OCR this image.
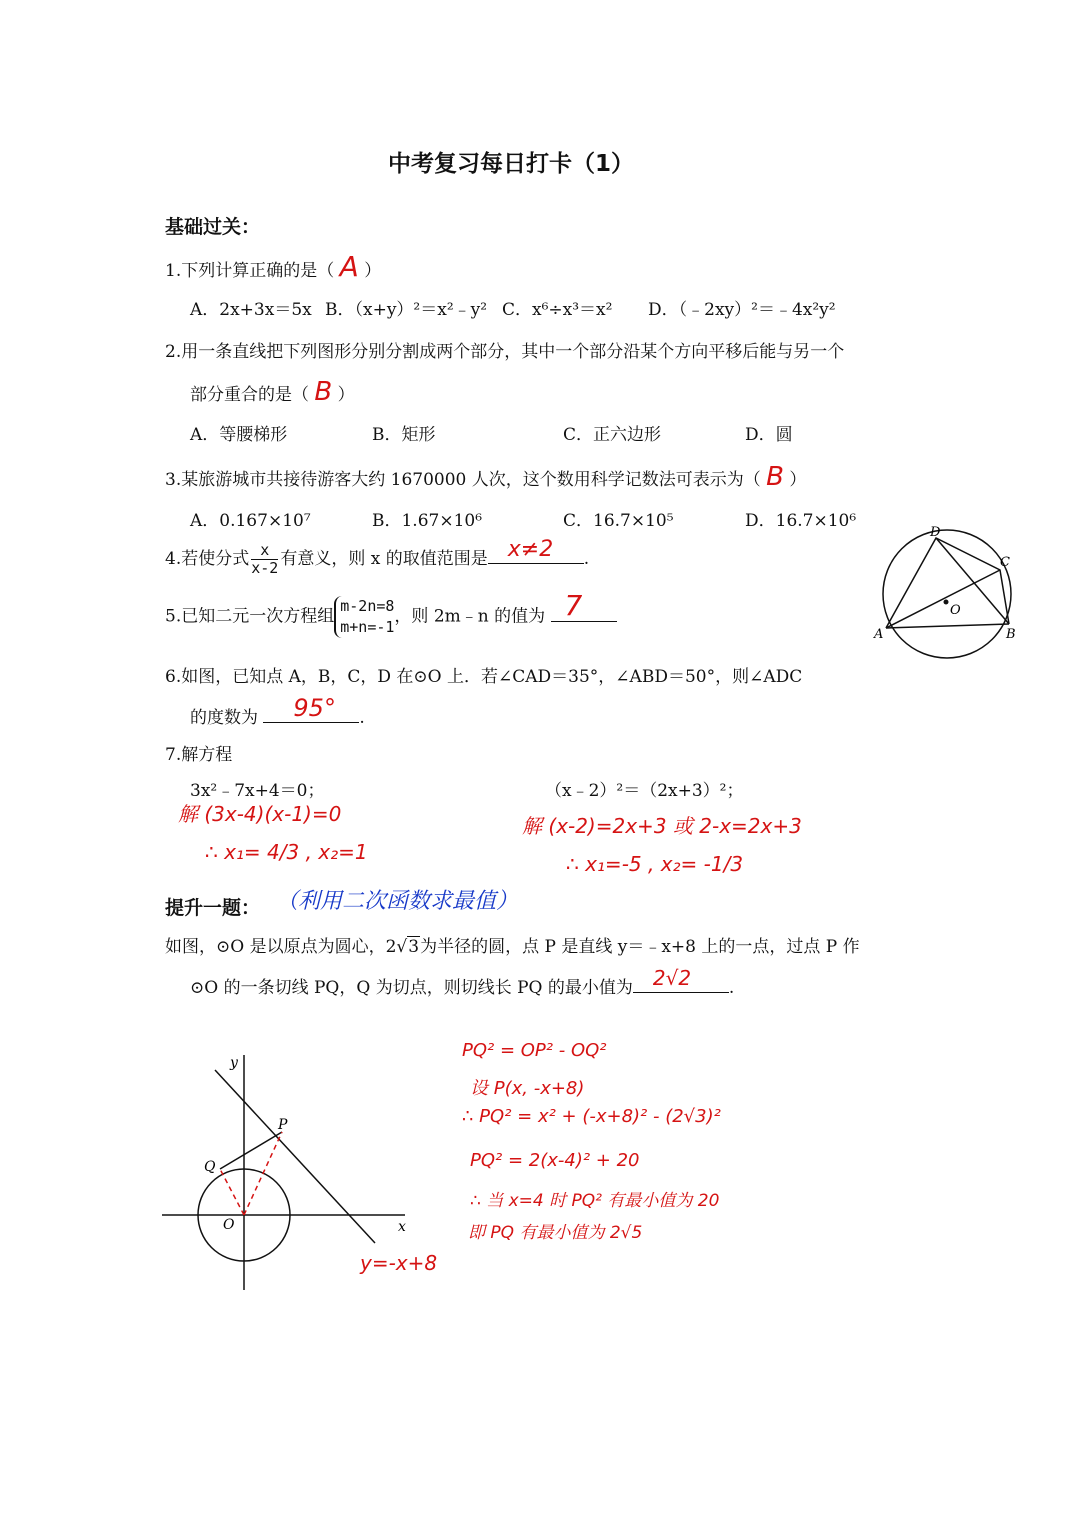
中考复习每日打卡（1）
基础过关：
1.下列计算正确的是（ A ）
A．2x+3x＝5x B．（x+y）²＝x²﹣y² C．x⁶÷x³＝x² D．（﹣2xy）²＝﹣4x²y²
2.用一条直线把下列图形分别分割成两个部分，其中一个部分沿某个方向平移后能与另一个
部分重合的是（ B ）
A．等腰梯形	B．矩形	C．正六边形	D．圆
3.某旅游城市共接待游客大约 1670000 人次，这个数用科学记数法可表示为（ B ）
A．0.167×10⁷	B．1.67×10⁶	C．16.7×10⁵	D．16.7×10⁶
4.若使分式 $\frac{x}{x-2}$ 有意义，则 x 的取值范围是 x≠2 .
5.已知二元一次方程组
m-2n=8
m+n=-1
，则 2m﹣n 的值为 7
6.如图，已知点 A，B，C，D 在⊙O 上．若∠CAD＝35°，∠ABD＝50°，则∠ADC
的度数为 95° .
A	B
C
D
O
7.解方程
3x²﹣7x+4＝0；	（x﹣2）²＝（2x+3）²；
解 (3x-4)(x-1)=0
∴ x₁= 4/3 , x₂=1
解 (x-2)=2x+3 或 2-x=2x+3
∴ x₁=-5 , x₂= -1/3
提升一题： （利用二次函数求最值）
如图，⊙O 是以原点为圆心，2√3为半径的圆，点 P 是直线 y＝﹣x+8 上的一点，过点 P 作
⊙O 的一条切线 PQ，Q 为切点，则切线长 PQ 的最小值为 2√2 .
y
x
O
P
Q
y=-x+8
PQ² = OP² - OQ²
设 P(x, -x+8)
∴ PQ² = x² + (-x+8)² - (2√3)²
PQ² = 2(x-4)² + 20
∴ 当 x=4 时 PQ² 有最小值为 20
即 PQ 有最小值为 2√5
